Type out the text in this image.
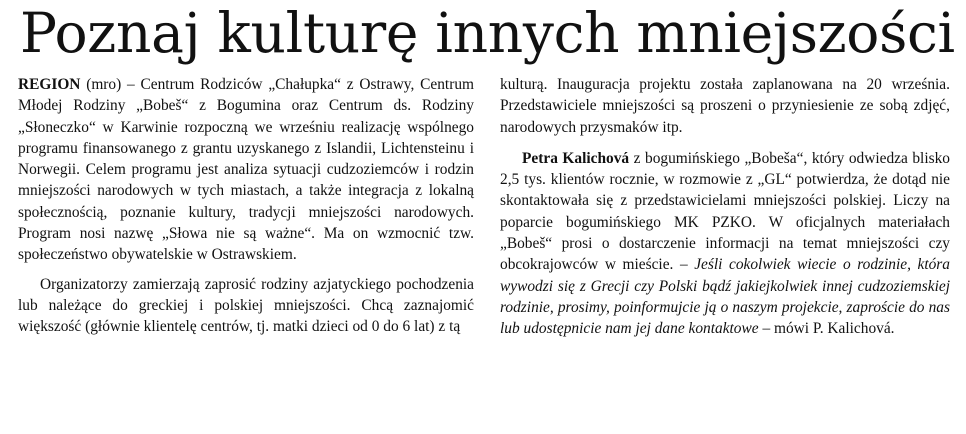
Poznaj kulturę innych mniejszości

REGION (mro) – Centrum Rodziców „Chałupka“ z Ostrawy, Centrum Młodej Rodziny „Bobeš“ z Bogumina oraz Centrum ds. Rodziny „Słoneczko“ w Karwinie rozpoczną we wrześniu realizację wspólnego programu finansowanego z grantu uzyskanego z Islandii, Lichtensteinu i Norwegii. Celem programu jest analiza sytuacji cudzoziemców i rodzin mniejszości narodowych w tych miastach, a także integracja z lokalną społecznością, poznanie kultury, tradycji mniejszości narodowych. Program nosi nazwę „Słowa nie są ważne“. Ma on wzmocnić tzw. społeczeństwo obywatelskie w Ostrawskiem.

Organizatorzy zamierzają zaprosić rodziny azjatyckiego pochodzenia lub należące do greckiej i polskiej mniejszości. Chcą zaznajomić większość (głównie klientelę centrów, tj. matki dzieci od 0 do 6 lat) z tą

kulturą. Inauguracja projektu została zaplanowana na 20 września. Przedstawiciele mniejszości są proszeni o przyniesienie ze sobą zdjęć, narodowych przysmaków itp.

Petra Kalichová z bogumińskiego „Bobeša“, który odwiedza blisko 2,5 tys. klientów rocznie, w rozmowie z „GL“ potwierdza, że dotąd nie skontaktowała się z przedstawicielami mniejszości polskiej. Liczy na poparcie bogumińskiego MK PZKO. W oficjalnych materiałach „Bobeš“ prosi o dostarczenie informacji na temat mniejszości czy obcokrajowców w mieście. – Jeśli cokolwiek wiecie o rodzinie, która wywodzi się z Grecji czy Polski bądź jakiejkolwiek innej cudzoziemskiej rodzinie, prosimy, poinformujcie ją o naszym projekcie, zaproście do nas lub udostępnicie nam jej dane kontaktowe – mówi P. Kalichová.
